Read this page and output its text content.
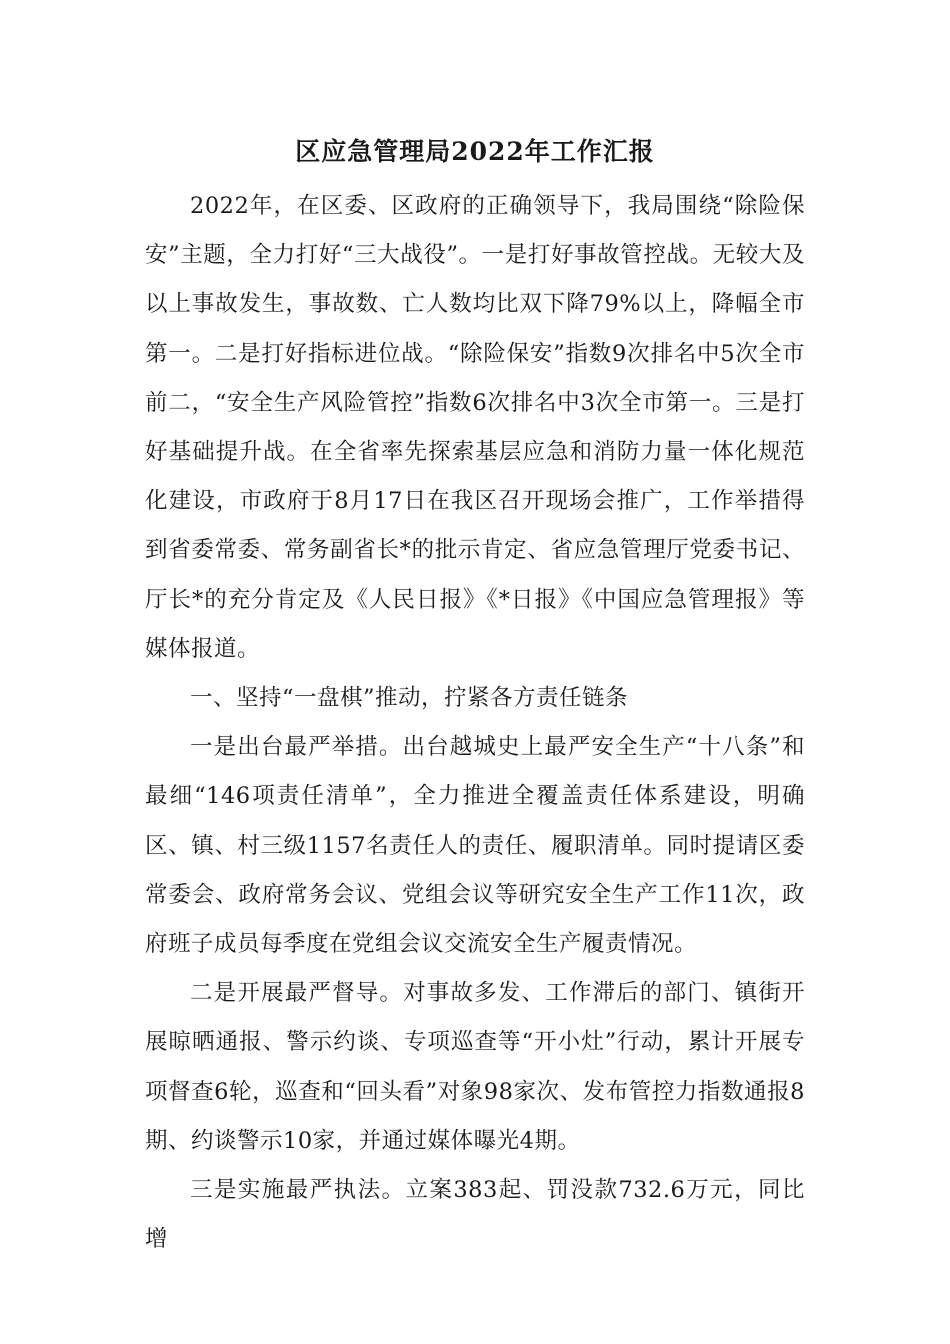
区应急管理局2022年工作汇报

2022年，在区委、区政府的正确领导下，我局围绕“除险保安”主题，全力打好“三大战役”。一是打好事故管控战。无较大及以上事故发生，事故数、亡人数均比双下降79%以上，降幅全市第一。二是打好指标进位战。“除险保安”指数9次排名中5次全市前二，“安全生产风险管控”指数6次排名中3次全市第一。三是打好基础提升战。在全省率先探索基层应急和消防力量一体化规范化建设，市政府于8月17日在我区召开现场会推广，工作举措得到省委常委、常务副省长*的批示肯定、省应急管理厅党委书记、厅长*的充分肯定及《人民日报》《*日报》《中国应急管理报》等媒体报道。

一、坚持“一盘棋”推动，拧紧各方责任链条

一是出台最严举措。出台越城史上最严安全生产“十八条”和最细“146项责任清单”，全力推进全覆盖责任体系建设，明确区、镇、村三级1157名责任人的责任、履职清单。同时提请区委常委会、政府常务会议、党组会议等研究安全生产工作11次，政府班子成员每季度在党组会议交流安全生产履责情况。

二是开展最严督导。对事故多发、工作滞后的部门、镇街开展晾晒通报、警示约谈、专项巡查等“开小灶”行动，累计开展专项督查6轮，巡查和“回头看”对象98家次、发布管控力指数通报8期、约谈警示10家，并通过媒体曝光4期。

三是实施最严执法。立案383起、罚没款732.6万元，同比增
